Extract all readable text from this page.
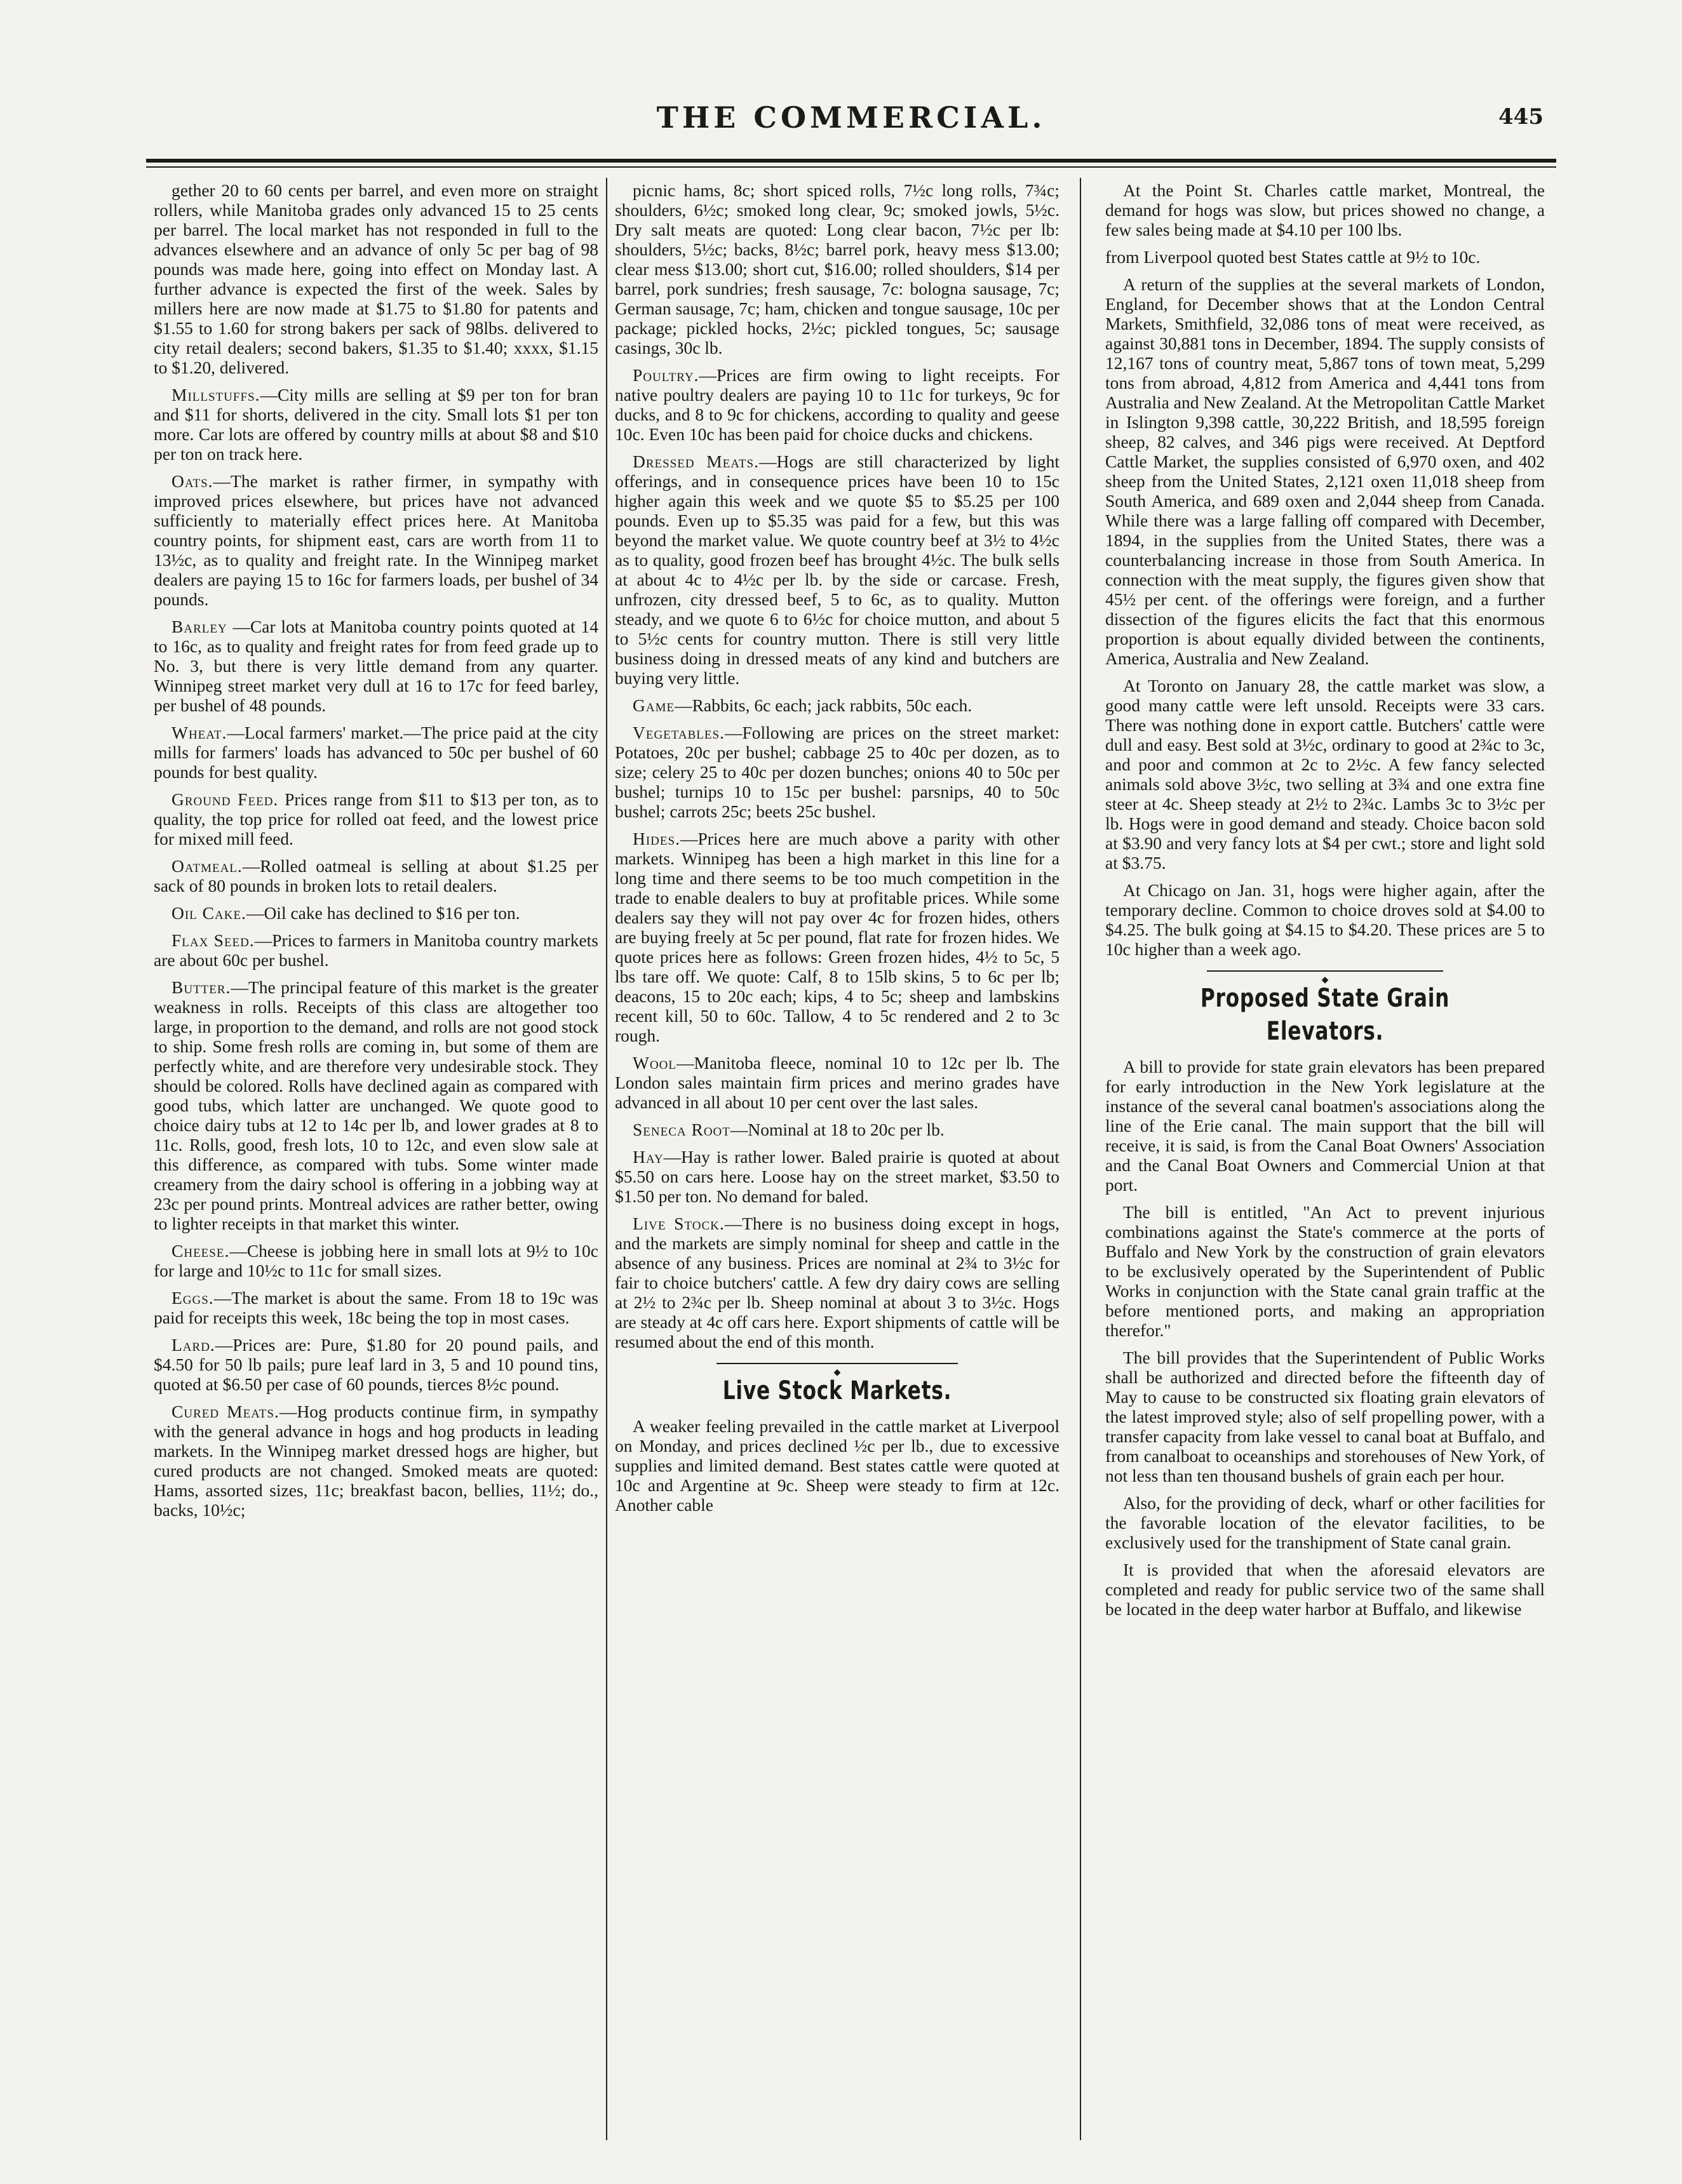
THE COMMERCIAL.	445

gether 20 to 60 cents per barrel, and even more on straight rollers, while Manitoba grades only advanced 15 to 25 cents per barrel. The local market has not responded in full to the advances elsewhere and an advance of only 5c per bag of 98 pounds was made here, going into effect on Monday last. A further advance is expected the first of the week. Sales by millers here are now made at $1.75 to $1.80 for patents and $1.55 to 1.60 for strong bakers per sack of 98lbs. delivered to city retail dealers; second bakers, $1.35 to $1.40; xxxx, $1.15 to $1.20, delivered.

Millstuffs.—City mills are selling at $9 per ton for bran and $11 for shorts, delivered in the city. Small lots $1 per ton more. Car lots are offered by country mills at about $8 and $10 per ton on track here.

Oats.—The market is rather firmer, in sympathy with improved prices elsewhere, but prices have not advanced sufficiently to materially effect prices here. At Manitoba country points, for shipment east, cars are worth from 11 to 13½c, as to quality and freight rate. In the Winnipeg market dealers are paying 15 to 16c for farmers loads, per bushel of 34 pounds.

Barley —Car lots at Manitoba country points quoted at 14 to 16c, as to quality and freight rates for from feed grade up to No. 3, but there is very little demand from any quarter. Winnipeg street market very dull at 16 to 17c for feed barley, per bushel of 48 pounds.

Wheat.—Local farmers' market.—The price paid at the city mills for farmers' loads has advanced to 50c per bushel of 60 pounds for best quality.

Ground Feed. Prices range from $11 to $13 per ton, as to quality, the top price for rolled oat feed, and the lowest price for mixed mill feed.

Oatmeal.—Rolled oatmeal is selling at about $1.25 per sack of 80 pounds in broken lots to retail dealers.

Oil Cake.—Oil cake has declined to $16 per ton.

Flax Seed.—Prices to farmers in Manitoba country markets are about 60c per bushel.

Butter.—The principal feature of this market is the greater weakness in rolls. Receipts of this class are altogether too large, in proportion to the demand, and rolls are not good stock to ship. Some fresh rolls are coming in, but some of them are perfectly white, and are therefore very undesirable stock. They should be colored. Rolls have declined again as compared with good tubs, which latter are unchanged. We quote good to choice dairy tubs at 12 to 14c per lb, and lower grades at 8 to 11c. Rolls, good, fresh lots, 10 to 12c, and even slow sale at this difference, as compared with tubs. Some winter made creamery from the dairy school is offering in a jobbing way at 23c per pound prints. Montreal advices are rather better, owing to lighter receipts in that market this winter.

Cheese.—Cheese is jobbing here in small lots at 9½ to 10c for large and 10½c to 11c for small sizes.

Eggs.—The market is about the same. From 18 to 19c was paid for receipts this week, 18c being the top in most cases.

Lard.—Prices are: Pure, $1.80 for 20 pound pails, and $4.50 for 50 lb pails; pure leaf lard in 3, 5 and 10 pound tins, quoted at $6.50 per case of 60 pounds, tierces 8½c pound.

Cured Meats.—Hog products continue firm, in sympathy with the general advance in hogs and hog products in leading markets. In the Winnipeg market dressed hogs are higher, but cured products are not changed. Smoked meats are quoted: Hams, assorted sizes, 11c; breakfast bacon, bellies, 11½; do., backs, 10½c;

picnic hams, 8c; short spiced rolls, 7½c long rolls, 7¾c; shoulders, 6½c; smoked long clear, 9c; smoked jowls, 5½c. Dry salt meats are quoted: Long clear bacon, 7½c per lb: shoulders, 5½c; backs, 8½c; barrel pork, heavy mess $13.00; clear mess $13.00; short cut, $16.00; rolled shoulders, $14 per barrel, pork sundries; fresh sausage, 7c: bologna sausage, 7c; German sausage, 7c; ham, chicken and tongue sausage, 10c per package; pickled hocks, 2½c; pickled tongues, 5c; sausage casings, 30c lb.

Poultry.—Prices are firm owing to light receipts. For native poultry dealers are paying 10 to 11c for turkeys, 9c for ducks, and 8 to 9c for chickens, according to quality and geese 10c. Even 10c has been paid for choice ducks and chickens.

Dressed Meats.—Hogs are still characterized by light offerings, and in consequence prices have been 10 to 15c higher again this week and we quote $5 to $5.25 per 100 pounds. Even up to $5.35 was paid for a few, but this was beyond the market value. We quote country beef at 3½ to 4½c as to quality, good frozen beef has brought 4½c. The bulk sells at about 4c to 4½c per lb. by the side or carcase. Fresh, unfrozen, city dressed beef, 5 to 6c, as to quality. Mutton steady, and we quote 6 to 6½c for choice mutton, and about 5 to 5½c cents for country mutton. There is still very little business doing in dressed meats of any kind and butchers are buying very little.

Game—Rabbits, 6c each; jack rabbits, 50c each.

Vegetables.—Following are prices on the street market: Potatoes, 20c per bushel; cabbage 25 to 40c per dozen, as to size; celery 25 to 40c per dozen bunches; onions 40 to 50c per bushel; turnips 10 to 15c per bushel: parsnips, 40 to 50c bushel; carrots 25c; beets 25c bushel.

Hides.—Prices here are much above a parity with other markets. Winnipeg has been a high market in this line for a long time and there seems to be too much competition in the trade to enable dealers to buy at profitable prices. While some dealers say they will not pay over 4c for frozen hides, others are buying freely at 5c per pound, flat rate for frozen hides. We quote prices here as follows: Green frozen hides, 4½ to 5c, 5 lbs tare off. We quote: Calf, 8 to 15lb skins, 5 to 6c per lb; deacons, 15 to 20c each; kips, 4 to 5c; sheep and lambskins recent kill, 50 to 60c. Tallow, 4 to 5c rendered and 2 to 3c rough.

Wool—Manitoba fleece, nominal 10 to 12c per lb. The London sales maintain firm prices and merino grades have advanced in all about 10 per cent over the last sales.

Seneca Root—Nominal at 18 to 20c per lb.

Hay—Hay is rather lower. Baled prairie is quoted at about $5.50 on cars here. Loose hay on the street market, $3.50 to $1.50 per ton. No demand for baled.

Live Stock.—There is no business doing except in hogs, and the markets are simply nominal for sheep and cattle in the absence of any business. Prices are nominal at 2¾ to 3½c for fair to choice butchers' cattle. A few dry dairy cows are selling at 2½ to 2¾c per lb. Sheep nominal at about 3 to 3½c. Hogs are steady at 4c off cars here. Export shipments of cattle will be resumed about the end of this month.

◆
Live Stock Markets.

A weaker feeling prevailed in the cattle market at Liverpool on Monday, and prices declined ½c per lb., due to excessive supplies and limited demand. Best states cattle were quoted at 10c and Argentine at 9c. Sheep were steady to firm at 12c. Another cable

At the Point St. Charles cattle market, Montreal, the demand for hogs was slow, but prices showed no change, a few sales being made at $4.10 per 100 lbs.

from Liverpool quoted best States cattle at 9½ to 10c.

A return of the supplies at the several markets of London, England, for December shows that at the London Central Markets, Smithfield, 32,086 tons of meat were received, as against 30,881 tons in December, 1894. The supply consists of 12,167 tons of country meat, 5,867 tons of town meat, 5,299 tons from abroad, 4,812 from America and 4,441 tons from Australia and New Zealand. At the Metropolitan Cattle Market in Islington 9,398 cattle, 30,222 British, and 18,595 foreign sheep, 82 calves, and 346 pigs were received. At Deptford Cattle Market, the supplies consisted of 6,970 oxen, and 402 sheep from the United States, 2,121 oxen 11,018 sheep from South America, and 689 oxen and 2,044 sheep from Canada. While there was a large falling off compared with December, 1894, in the supplies from the United States, there was a counterbalancing increase in those from South America. In connection with the meat supply, the figures given show that 45½ per cent. of the offerings were foreign, and a further dissection of the figures elicits the fact that this enormous proportion is about equally divided between the continents, America, Australia and New Zealand.

At Toronto on January 28, the cattle market was slow, a good many cattle were left unsold. Receipts were 33 cars. There was nothing done in export cattle. Butchers' cattle were dull and easy. Best sold at 3½c, ordinary to good at 2¾c to 3c, and poor and common at 2c to 2½c. A few fancy selected animals sold above 3½c, two selling at 3¾ and one extra fine steer at 4c. Sheep steady at 2½ to 2¾c. Lambs 3c to 3½c per lb. Hogs were in good demand and steady. Choice bacon sold at $3.90 and very fancy lots at $4 per cwt.; store and light sold at $3.75.

At Chicago on Jan. 31, hogs were higher again, after the temporary decline. Common to choice droves sold at $4.00 to $4.25. The bulk going at $4.15 to $4.20. These prices are 5 to 10c higher than a week ago.

◆
Proposed State Grain Elevators.

A bill to provide for state grain elevators has been prepared for early introduction in the New York legislature at the instance of the several canal boatmen's associations along the line of the Erie canal. The main support that the bill will receive, it is said, is from the Canal Boat Owners' Association and the Canal Boat Owners and Commercial Union at that port.

The bill is entitled, "An Act to prevent injurious combinations against the State's commerce at the ports of Buffalo and New York by the construction of grain elevators to be exclusively operated by the Superintendent of Public Works in conjunction with the State canal grain traffic at the before mentioned ports, and making an appropriation therefor."

The bill provides that the Superintendent of Public Works shall be authorized and directed before the fifteenth day of May to cause to be constructed six floating grain elevators of the latest improved style; also of self propelling power, with a transfer capacity from lake vessel to canal boat at Buffalo, and from canalboat to oceanships and storehouses of New York, of not less than ten thousand bushels of grain each per hour.

Also, for the providing of deck, wharf or other facilities for the favorable location of the elevator facilities, to be exclusively used for the transhipment of State canal grain.

It is provided that when the aforesaid elevators are completed and ready for public service two of the same shall be located in the deep water harbor at Buffalo, and likewise
